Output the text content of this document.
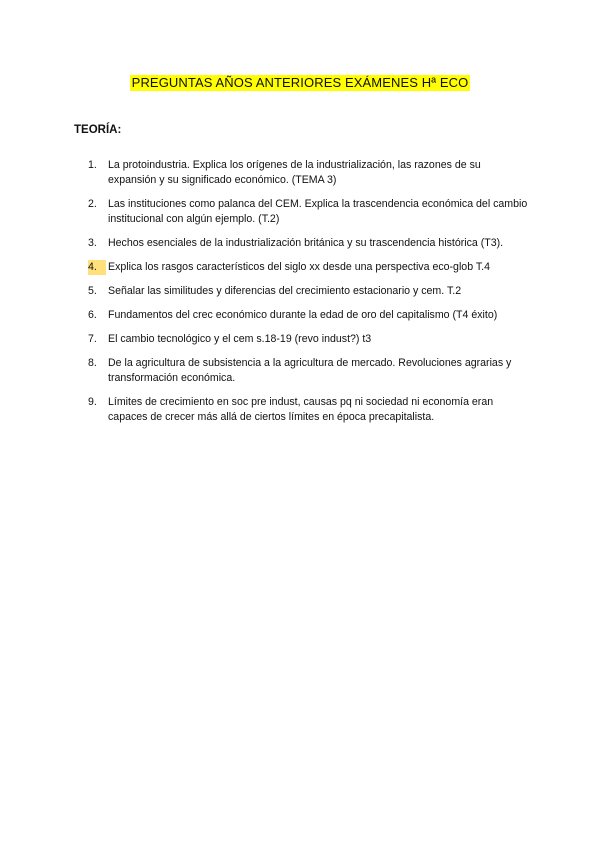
PREGUNTAS AÑOS ANTERIORES EXÁMENES Hª ECO
TEORÍA:
1.	La protoindustria. Explica los orígenes de la industrialización, las razones de su expansión y su significado económico. (TEMA 3)
2.	Las instituciones como palanca del CEM. Explica la trascendencia económica del cambio institucional con algún ejemplo. (T.2)
3.	Hechos esenciales de la industrialización británica y su trascendencia histórica (T3).
4.	Explica los rasgos característicos del siglo xx desde una perspectiva eco-glob T.4
5.	Señalar las similitudes y diferencias del crecimiento estacionario y cem. T.2
6.	Fundamentos del crec económico durante la edad de oro del capitalismo (T4 éxito)
7.	El cambio tecnológico y el cem s.18-19 (revo indust?) t3
8.	De la agricultura de subsistencia a la agricultura de mercado. Revoluciones agrarias y transformación económica.
9.	Límites de crecimiento en soc pre indust, causas pq ni sociedad ni economía eran capaces de crecer más allá de ciertos límites en época precapitalista.
